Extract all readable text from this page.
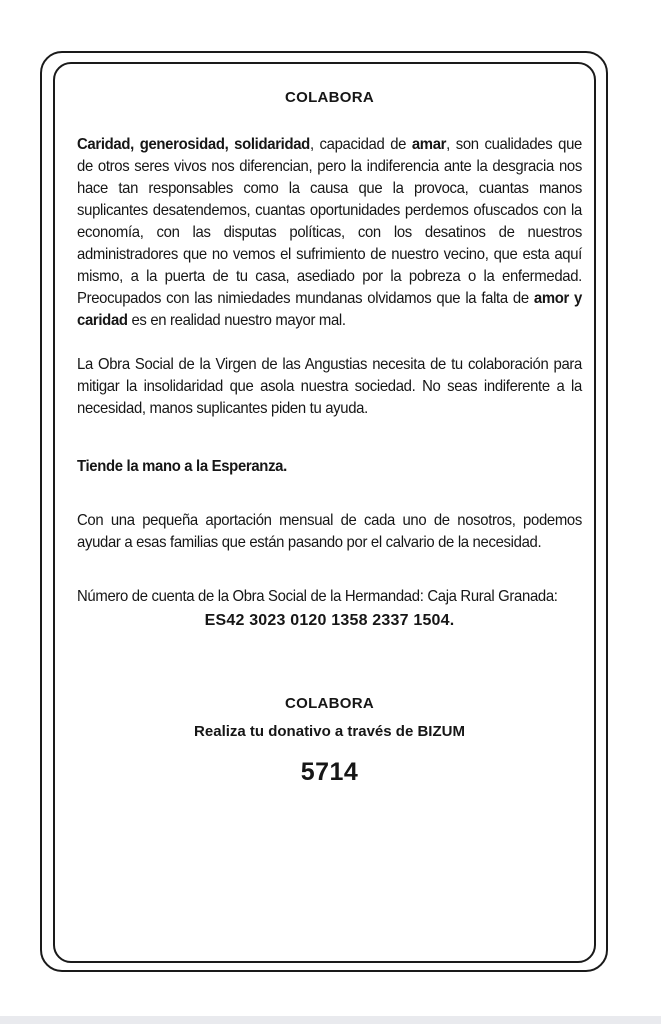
COLABORA

Caridad, generosidad, solidaridad, capacidad de amar, son cualidades que de otros seres vivos nos diferencian, pero la indiferencia ante la desgracia nos hace tan responsables como la causa que la provoca, cuantas manos suplicantes desatendemos, cuantas oportunidades perdemos ofuscados con la economía, con las disputas políticas, con los desatinos de nuestros administradores que no vemos el sufrimiento de nuestro vecino, que esta aquí mismo, a la puerta de tu casa, asediado por la pobreza o la enfermedad. Preocupados con las nimiedades mundanas olvidamos que la falta de amor y caridad es en realidad nuestro mayor mal.

La Obra Social de la Virgen de las Angustias necesita de tu colaboración para mitigar la insolidaridad que asola nuestra sociedad. No seas indiferente a la necesidad, manos suplicantes piden tu ayuda.

Tiende la mano a la Esperanza.

Con una pequeña aportación mensual de cada uno de nosotros, podemos ayudar a esas familias que están pasando por el calvario de la necesidad.

Número de cuenta de la Obra Social de la Hermandad: Caja Rural Granada:

ES42 3023 0120 1358 2337 1504.

COLABORA

Realiza tu donativo a través de BIZUM

5714
